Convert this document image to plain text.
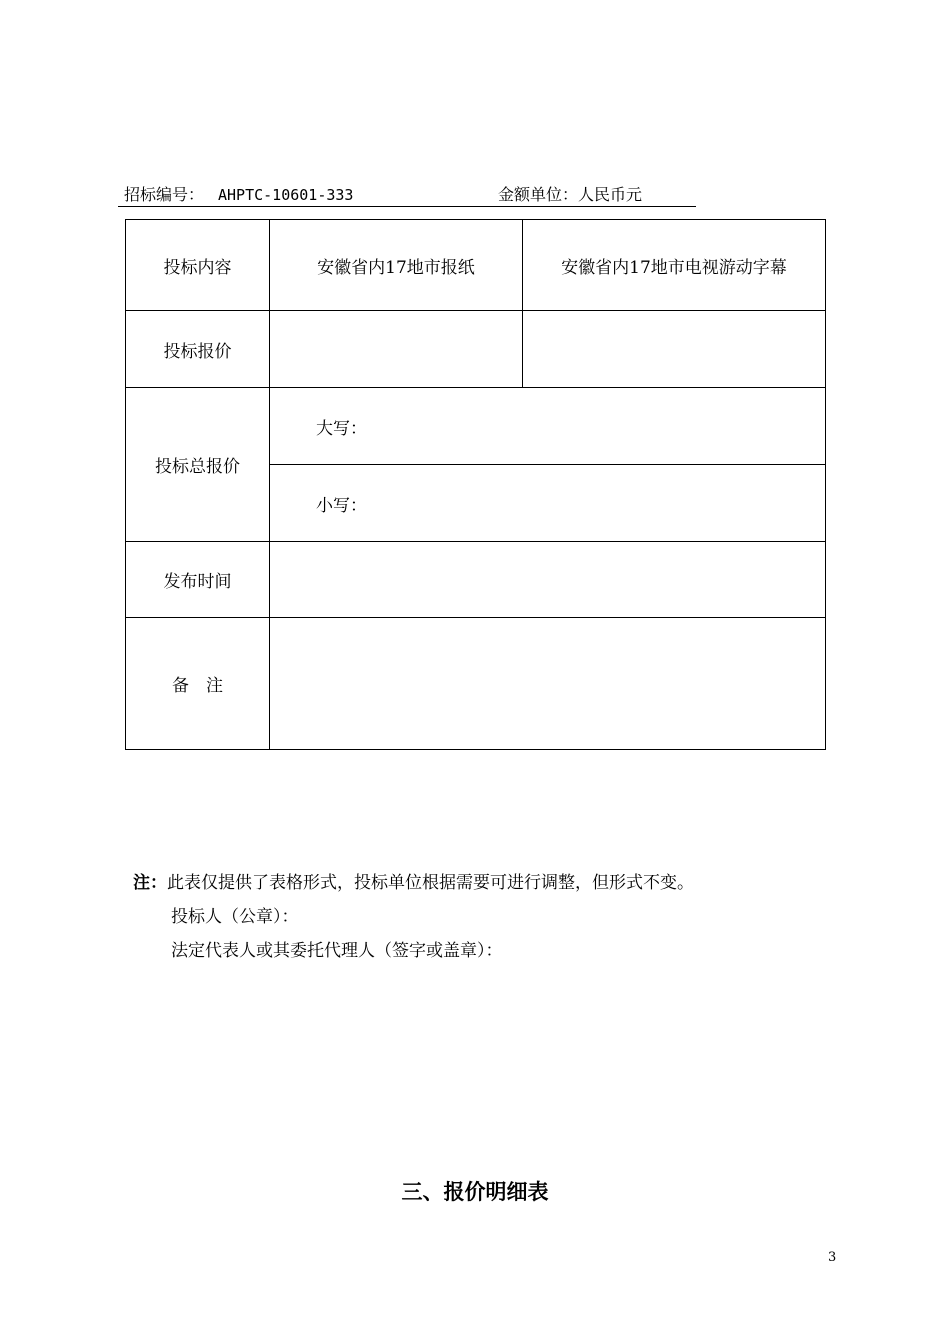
招标编号： AHPTC-10601-333	金额单位：人民币元
投标内容	安徽省内17地市报纸	安徽省内17地市电视游动字幕
投标报价		
投标总报价	大写：	
	小写：	
发布时间		
备　注		
注：此表仅提供了表格形式，投标单位根据需要可进行调整，但形式不变。
投标人（公章）：
法定代表人或其委托代理人（签字或盖章）：
三、报价明细表
3
